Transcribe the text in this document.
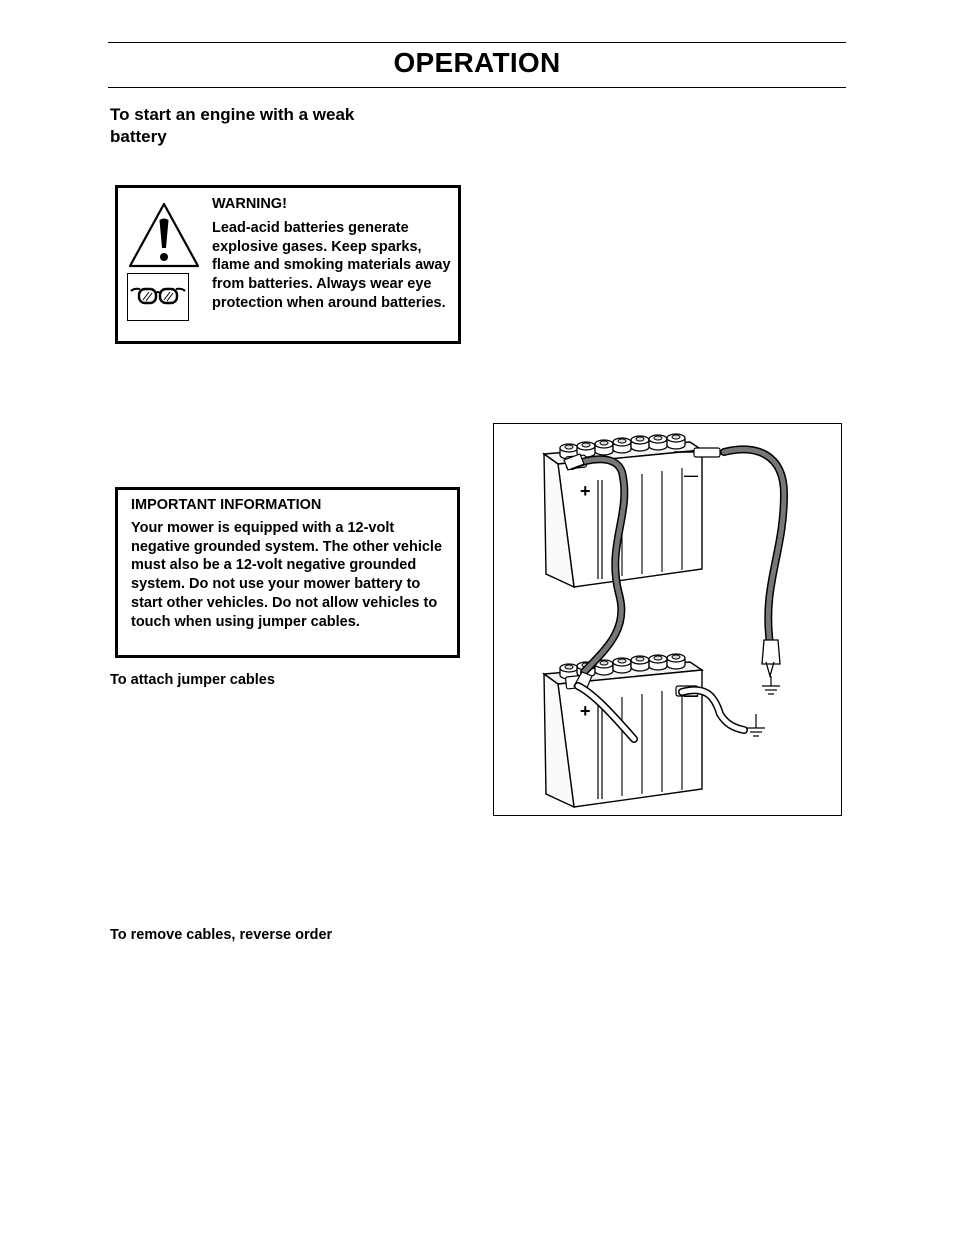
OPERATION
To start an engine with a weak battery
WARNING!
Lead-acid batteries generate explosive gases. Keep sparks, flame and smoking materials away from batteries. Always wear eye protection when around batteries.
IMPORTANT INFORMATION
Your mower is equipped with a 12-volt negative grounded system. The other vehicle must also be a 12-volt negative grounded system. Do not use your mower battery to start other vehicles. Do not allow vehicles to touch when using jumper cables.
To attach jumper cables
To remove cables, reverse order
+
—
+
—
